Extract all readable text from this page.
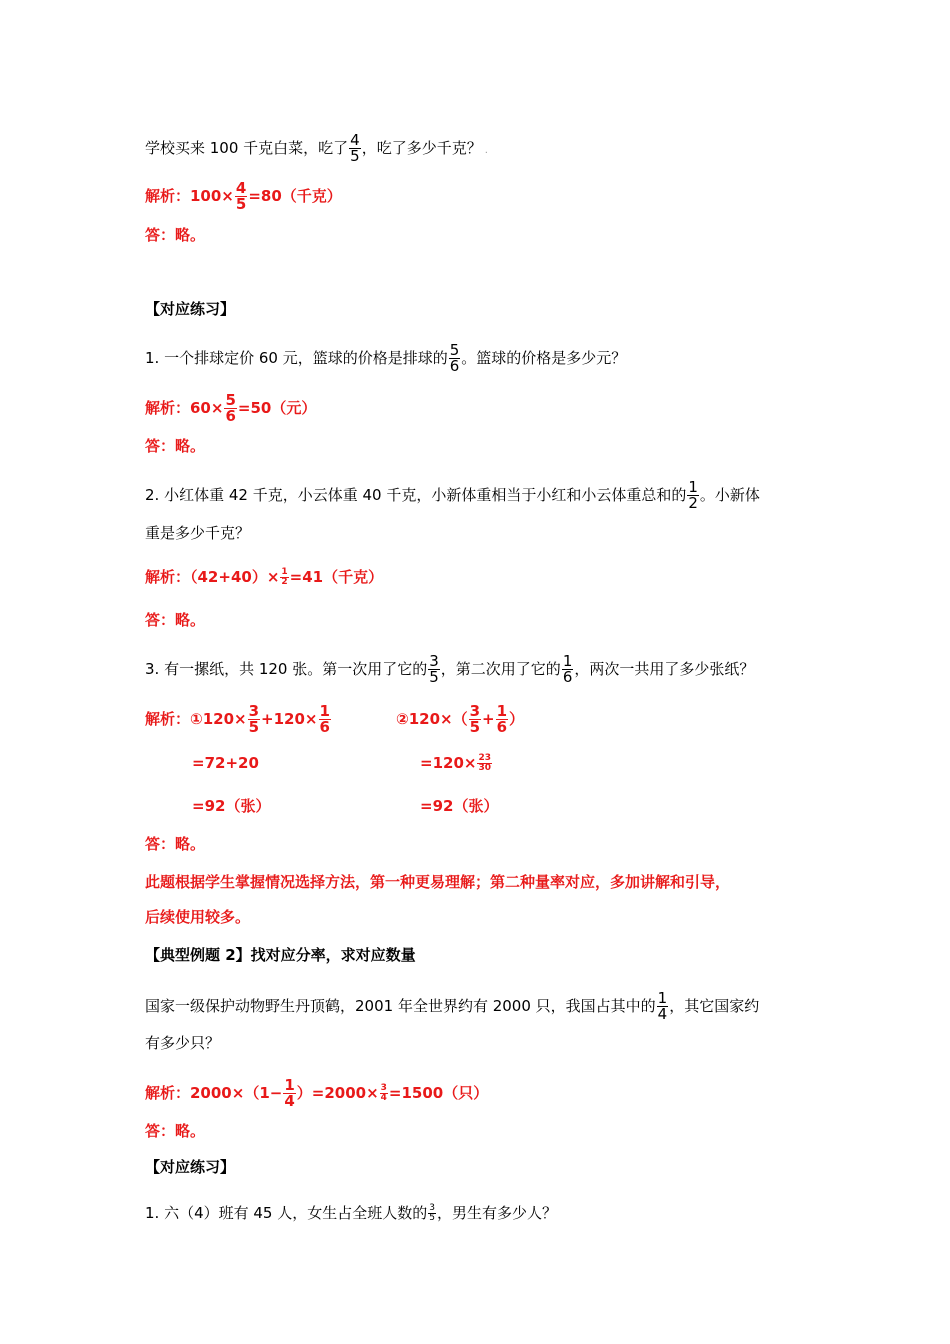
学校买来 100 千克白菜，吃了 $\frac{4}{5}$ ，吃了多少千克？ .
解析：$100\times \frac{4}{5} =80$（千克）
答：略。
【对应练习】
1. 一个排球定价 60 元，篮球的价格是排球的 $\frac{5}{6}$ 。篮球的价格是多少元？
解析：$60\times \frac{5}{6} =50$（元）
答：略。
2. 小红体重 42 千克，小云体重 40 千克，小新体重相当于小红和小云体重总和的 $\frac{1}{2}$ 。小新体
重是多少千克？
解析：$(42+40)\times \frac{1}{2} =41$（千克）
答：略。
3. 有一摞纸，共 120 张。第一次用了它的 $\frac{3}{5}$ ，第二次用了它的 $\frac{1}{6}$ ，两次一共用了多少张纸？
解析：①120× $\frac{3}{5} +120\times \frac{1}{6}$	②120×（ $\frac{3}{5} + \frac{1}{6}$ ）
=72+20	$=120\times \frac{23}{30}$
=92（张）	=92（张）
答：略。
此题根据学生掌握情况选择方法，第一种更易理解；第二种量率对应，多加讲解和引导，
后续使用较多。
【典型例题 2】找对应分率，求对应数量
国家一级保护动物野生丹顶鹤，2001 年全世界约有 2000 只，我国占其中的 $\frac{1}{4}$ ，其它国家约
有多少只？
解析：$2000\times(1- \frac{1}{4} )=2000\times \frac{3}{4} =1500$（只）
答：略。
【对应练习】
1. 六（4）班有 45 人，女生占全班人数的 $\frac{3}{5}$ ，男生有多少人？
